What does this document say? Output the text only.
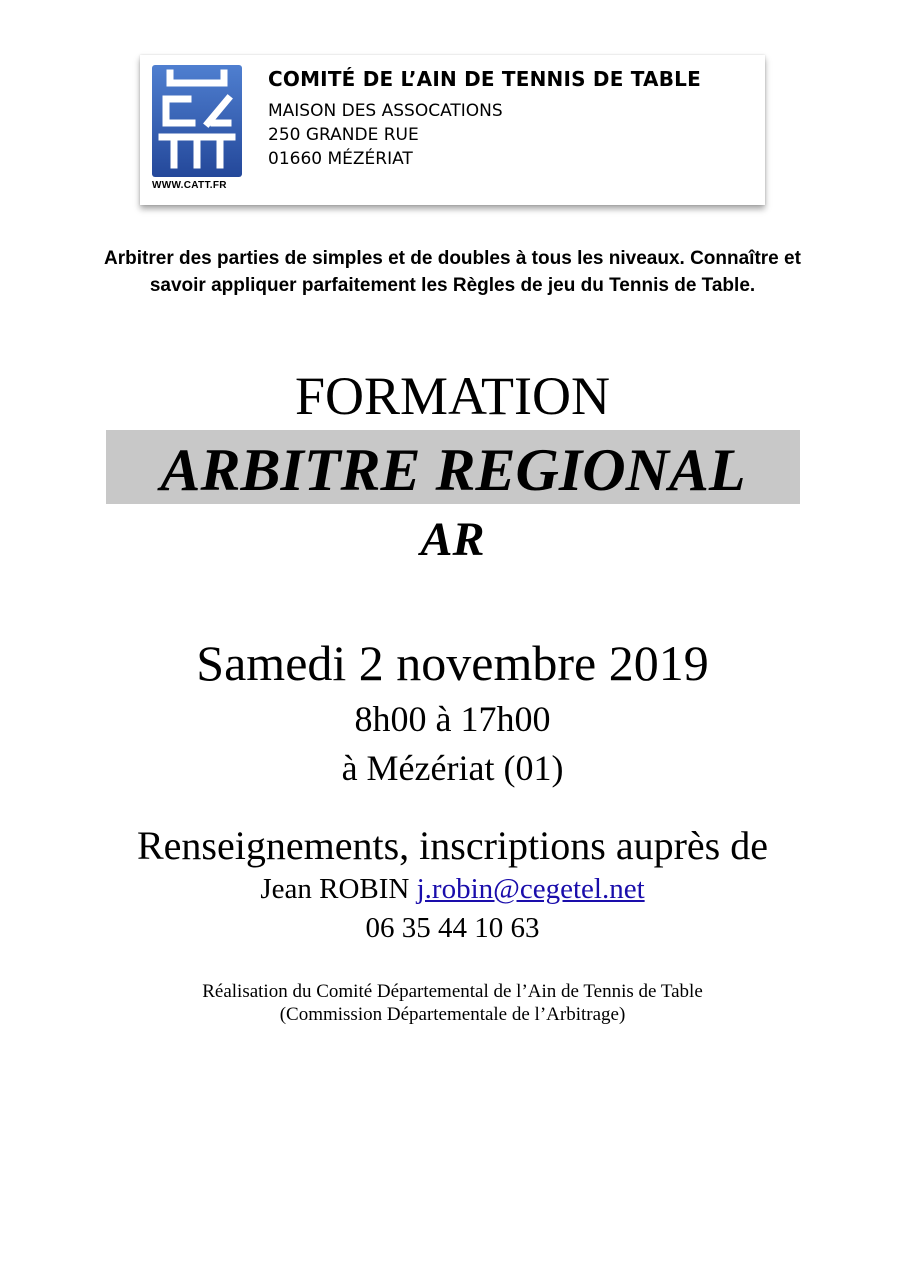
WWW.CATT.FR
COMITÉ DE L’AIN DE TENNIS DE TABLE
MAISON DES ASSOCATIONS
250 GRANDE RUE
01660 MÉZÉRIAT
Arbitrer des parties de simples et de doubles à tous les niveaux. Connaître et savoir appliquer parfaitement les Règles de jeu du Tennis de Table.
FORMATION
ARBITRE REGIONAL
AR
Samedi 2 novembre 2019
8h00 à 17h00
à Mézériat (01)
Renseignements, inscriptions auprès de
Jean ROBIN j.robin@cegetel.net
06 35 44 10 63
Réalisation du Comité Départemental de l’Ain de Tennis de Table
(Commission Départementale de l’Arbitrage)
